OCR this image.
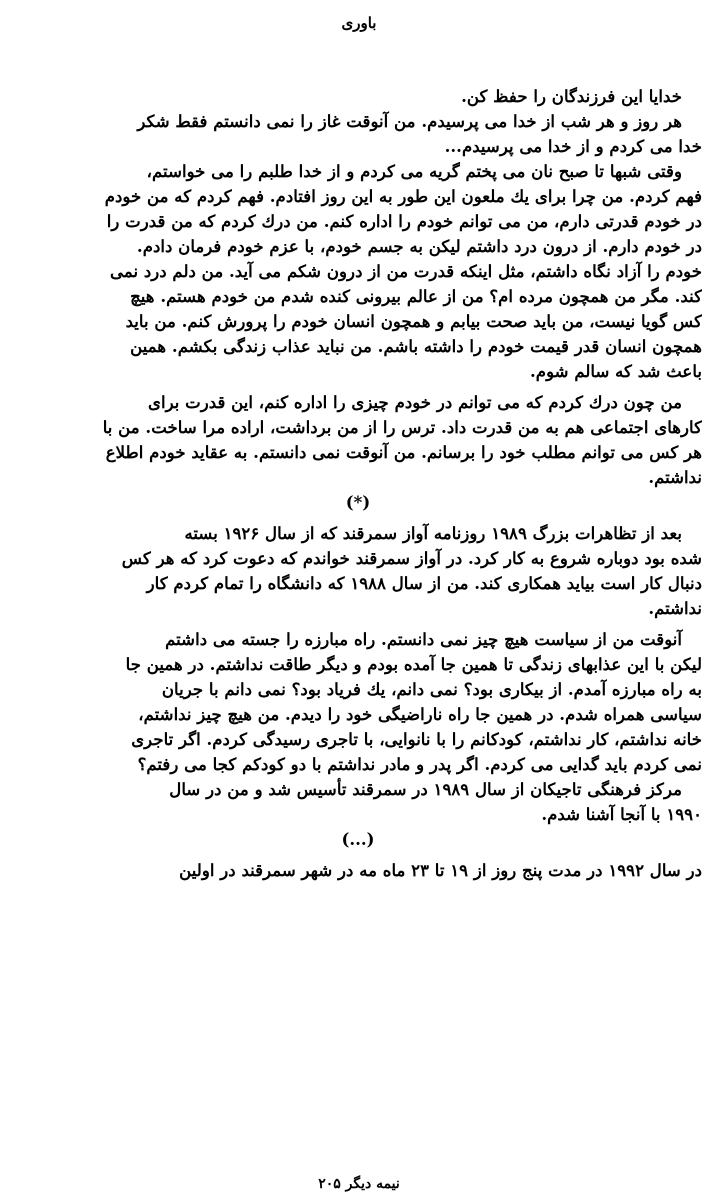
باوری
خدایا این فرزندگان را حفظ کن.
هر روز و هر شب از خدا می پرسیدم. من آنوقت غاز را نمی دانستم فقط شکر
خدا می کردم و از خدا می پرسیدم...
وقتی شبها تا صبح نان می پختم گریه می کردم و از خدا طلبم را می خواستم،
فهم کردم. من چرا برای یك ملعون این طور به این روز افتادم. فهم کردم که من خودم
در خودم قدرتی دارم، من می توانم خودم را اداره کنم. من درك کردم که من قدرت را
در خودم دارم. از درون درد داشتم لیکن به جسم خودم، با عزم خودم فرمان دادم.
خودم را آزاد نگاه داشتم، مثل اینکه قدرت من از درون شکم می آید. من دلم درد نمی
کند. مگر من همچون مرده ام؟ من از عالم بیرونی کنده شدم من خودم هستم. هیچ
کس گویا نیست، من باید صحت بیابم و همچون انسان خودم را پرورش کنم. من باید
همچون انسان قدر قیمت خودم را داشته باشم. من نباید عذاب زندگی بکشم. همین
باعث شد که سالم شوم.
من چون درك کردم که می توانم در خودم چیزی را اداره کنم، این قدرت برای
کارهای اجتماعی هم به من قدرت داد. ترس را از من برداشت، اراده مرا ساخت. من با
هر کس می توانم مطلب خود را برسانم. من آنوقت نمی دانستم. به عقاید خودم اطلاع
نداشتم.
(*)
بعد از تظاهرات بزرگ ۱۹۸۹ روزنامه آواز سمرقند که از سال ۱۹۲۶ بسته
شده بود دوباره شروع به کار کرد. در آواز سمرقند خواندم که دعوت کرد که هر کس
دنبال کار است بیاید همکاری کند. من از سال ۱۹۸۸ که دانشگاه را تمام کردم کار
نداشتم.
آنوقت من از سیاست هیچ چیز نمی دانستم. راه مبارزه را جسته می داشتم
لیکن با این عذابهای زندگی تا همین جا آمده بودم و دیگر طاقت نداشتم. در همین جا
به راه مبارزه آمدم. از بیکاری بود؟ نمی دانم، یك فریاد بود؟ نمی دانم با جریان
سیاسی همراه شدم. در همین جا راه ناراضیگی خود را دیدم. من هیچ چیز نداشتم،
خانه نداشتم، کار نداشتم، کودکانم را با نانوایی، با تاجری رسیدگی کردم. اگر تاجری
نمی کردم باید گدایی می کردم. اگر پدر و مادر نداشتم با دو کودکم کجا می رفتم؟
مرکز فرهنگی تاجیکان از سال ۱۹۸۹ در سمرقند تأسیس شد و من در سال
۱۹۹۰ با آنجا آشنا شدم.
(...)
در سال ۱۹۹۲ در مدت پنج روز از ۱۹ تا ۲۳ ماه مه در شهر سمرقند در اولین
نیمه دیگر ۲۰۵
